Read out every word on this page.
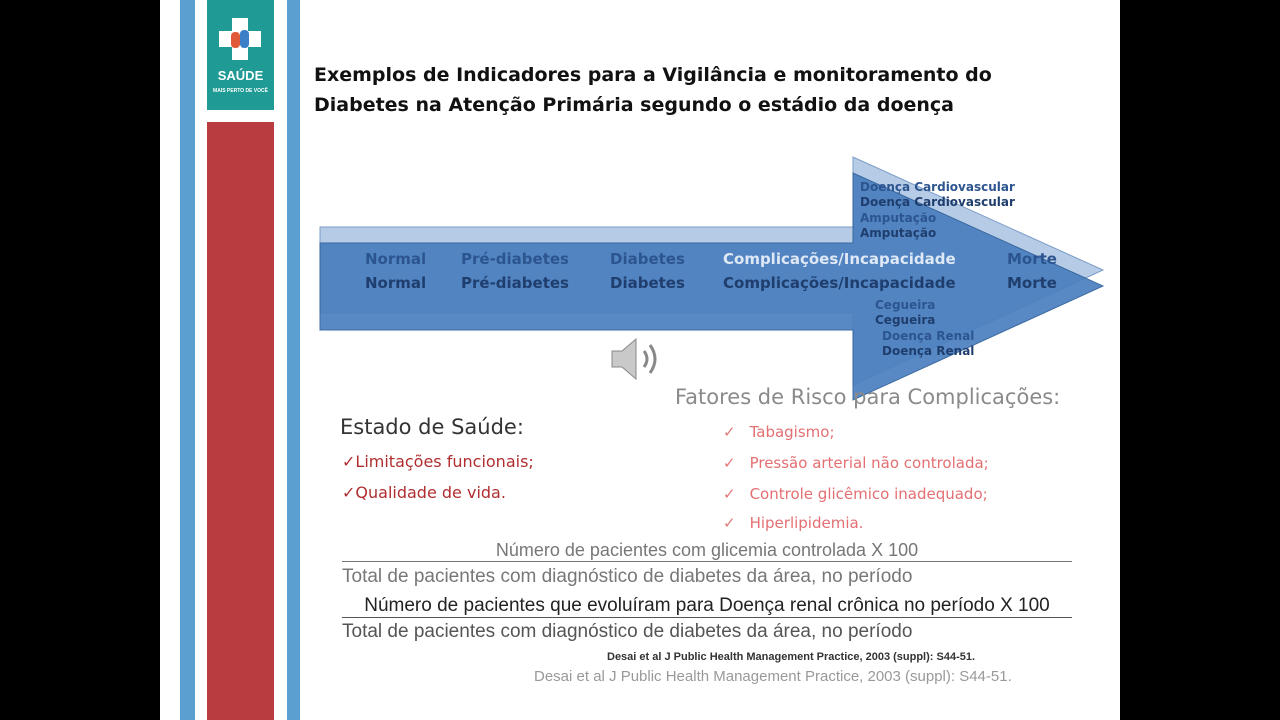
SAÚDE
MAIS PERTO DE VOCÊ
Exemplos de Indicadores para a Vigilância e monitoramento do Diabetes na Atenção Primária segundo o estádio da doença
Normal
Normal
Pré-diabetes
Pré-diabetes
Diabetes
Diabetes
Complicações/Incapacidade
Complicações/Incapacidade
Morte
Morte
Doença Cardiovascular
Doença Cardiovascular
Amputação
Amputação
Cegueira
Cegueira
Doença Renal
Doença Renal
Fatores de Risco para Complicações:
✓ Tabagismo;
✓ Pressão arterial não controlada;
✓ Controle glicêmico inadequado;
✓ Hiperlipidemia.
Estado de Saúde:
✓Limitações funcionais;
✓Qualidade de vida.
Número de pacientes com glicemia controlada X 100
Total de pacientes com diagnóstico de diabetes da área, no período
Número de pacientes que evoluíram para Doença renal crônica no período X 100
Total de pacientes com diagnóstico de diabetes da área, no período
Desai et al J Public Health Management Practice, 2003 (suppl): S44-51.
Desai et al J Public Health Management Practice, 2003 (suppl): S44-51.
